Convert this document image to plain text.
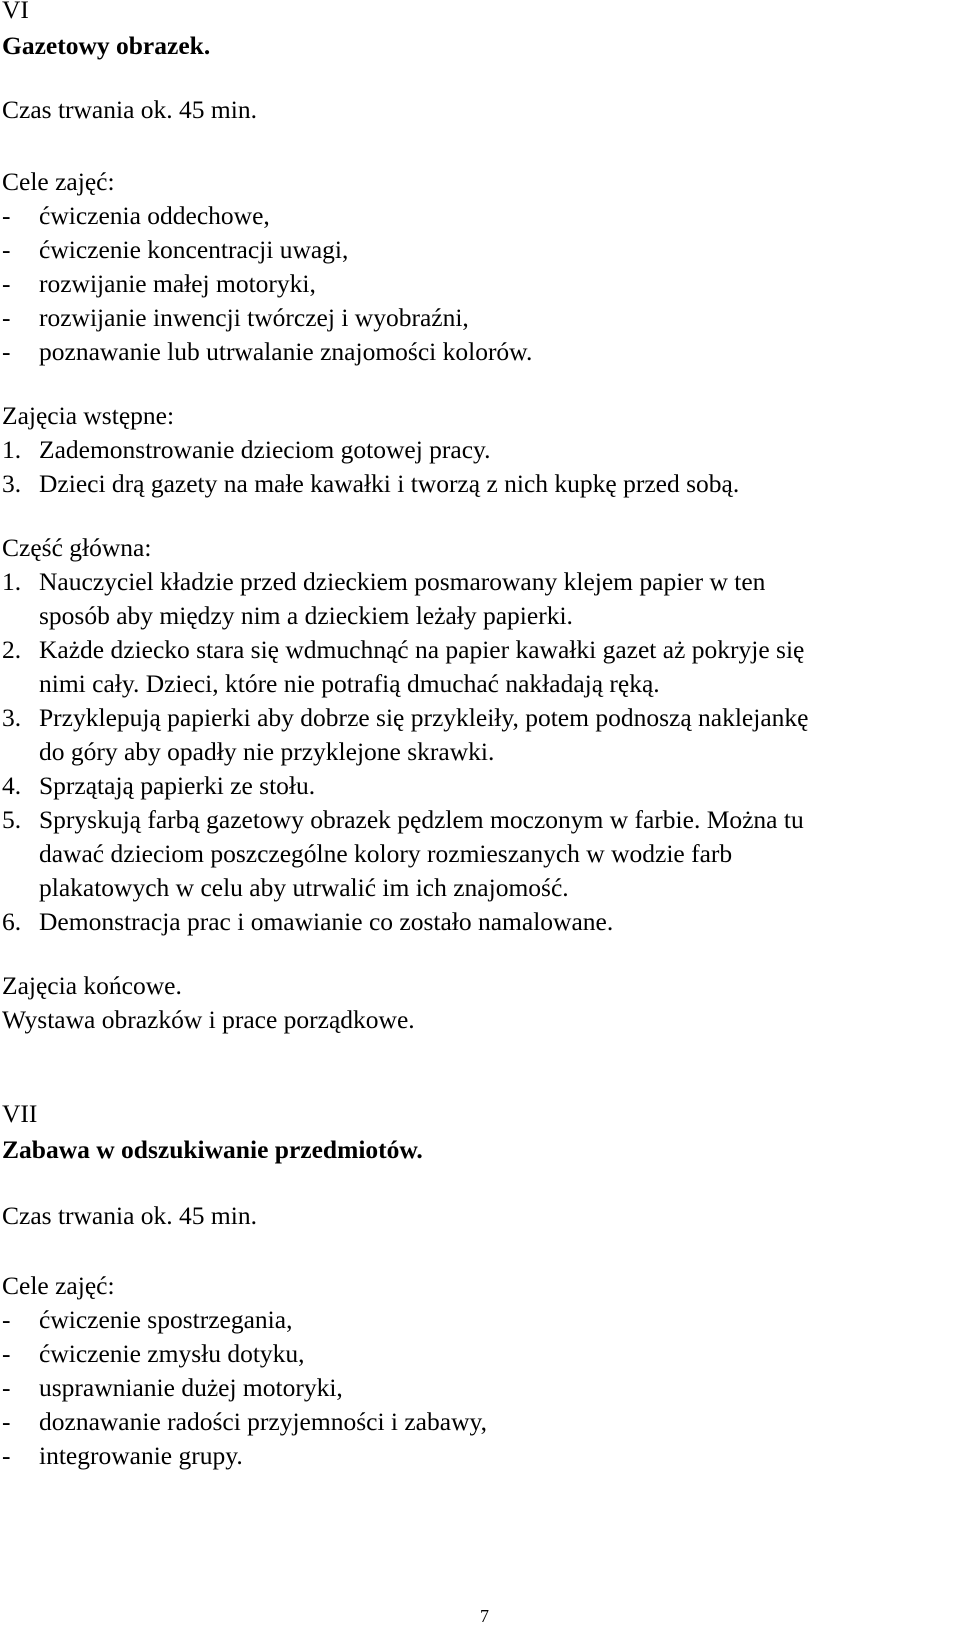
VI
Gazetowy obrazek.
Czas trwania ok. 45 min.
Cele zajęć:
- ćwiczenia oddechowe,
- ćwiczenie koncentracji uwagi,
- rozwijanie małej motoryki,
- rozwijanie inwencji twórczej i wyobraźni,
- poznawanie lub utrwalanie znajomości kolorów.
Zajęcia wstępne:
1. Zademonstrowanie dzieciom gotowej pracy.
3. Dzieci drą gazety na małe kawałki i tworzą z nich kupkę przed sobą.
Część główna:
1. Nauczyciel kładzie przed dzieckiem posmarowany klejem papier w ten
sposób aby między nim a dzieckiem leżały papierki.
2. Każde dziecko stara się wdmuchnąć na papier kawałki gazet aż pokryje się
nimi cały. Dzieci, które nie potrafią dmuchać nakładają ręką.
3. Przyklepują papierki aby dobrze się przykleiły, potem podnoszą naklejankę
do góry aby opadły nie przyklejone skrawki.
4. Sprzątają papierki ze stołu.
5. Spryskują farbą gazetowy obrazek pędzlem moczonym w farbie. Można tu
dawać dzieciom poszczególne kolory rozmieszanych w wodzie farb
plakatowych w celu aby utrwalić im ich znajomość.
6. Demonstracja prac i omawianie co zostało namalowane.
Zajęcia końcowe.
Wystawa obrazków i prace porządkowe.
VII
Zabawa w odszukiwanie przedmiotów.
Czas trwania ok. 45 min.
Cele zajęć:
- ćwiczenie spostrzegania,
- ćwiczenie zmysłu dotyku,
- usprawnianie dużej motoryki,
- doznawanie radości przyjemności i zabawy,
- integrowanie grupy.
7
